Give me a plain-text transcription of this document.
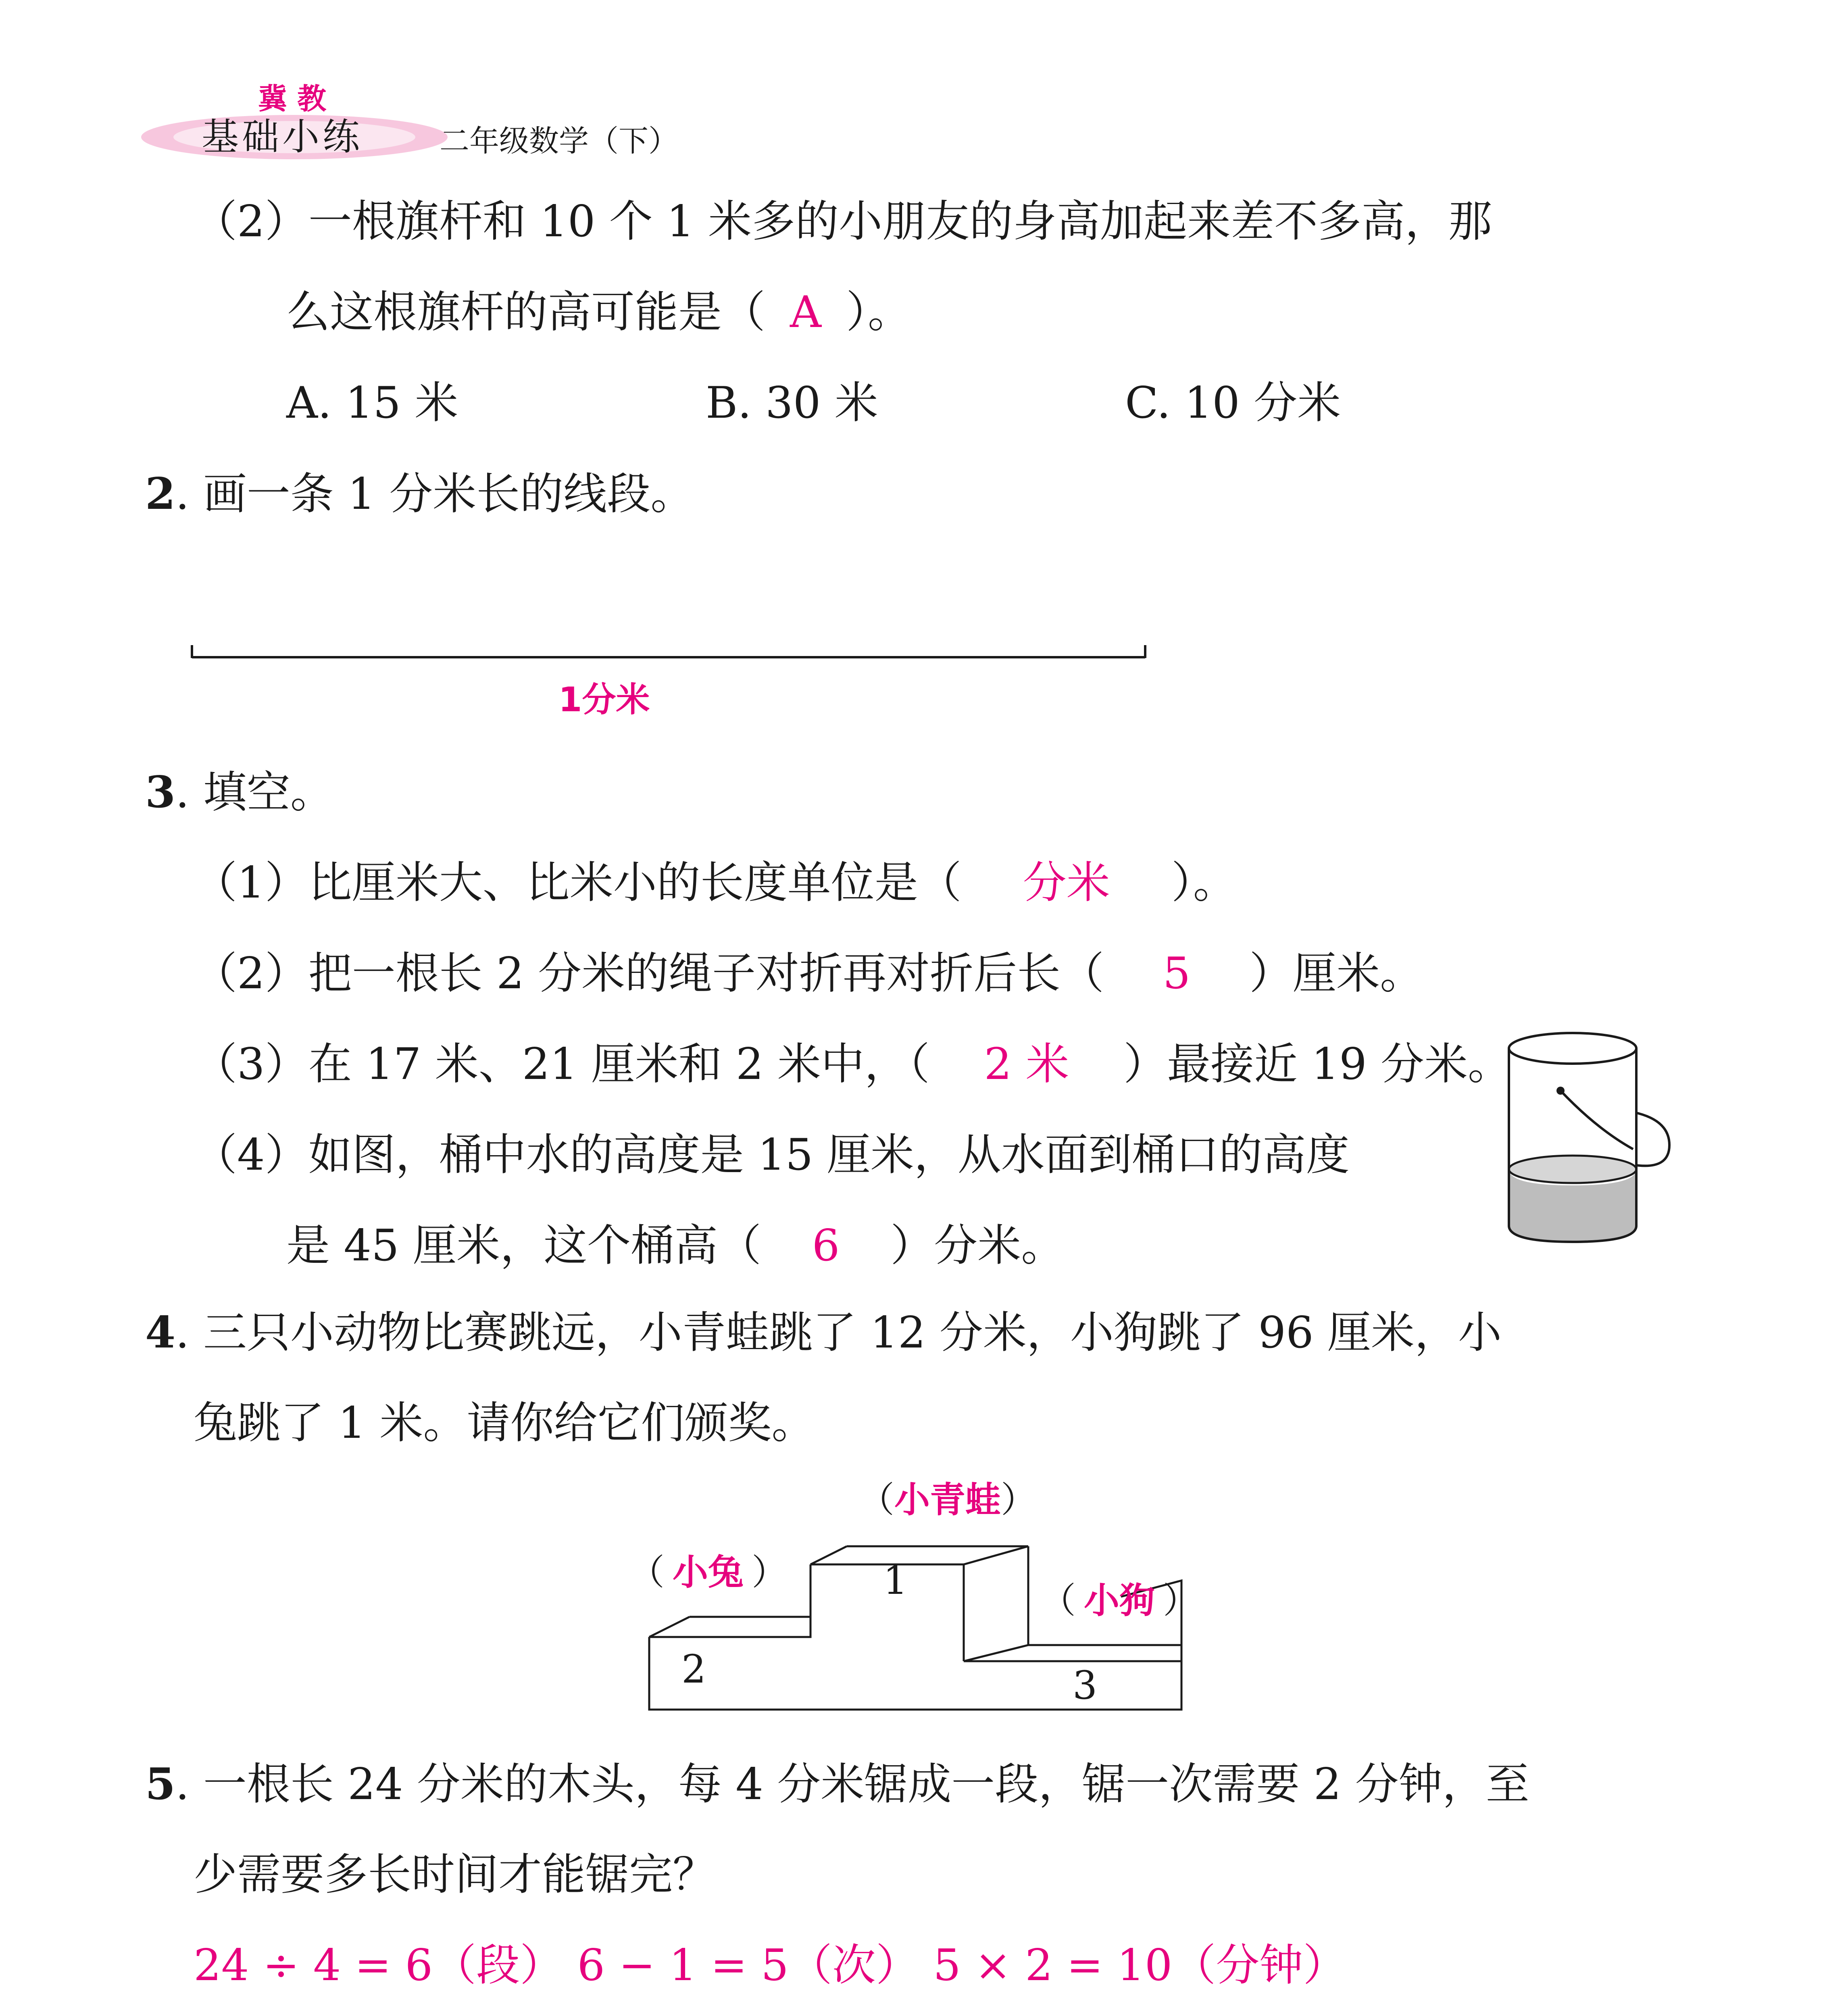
冀 教
基础小练	二年级数学（下）
（2）一根旗杆和 10 个 1 米多的小朋友的身高加起来差不多高，那
么这根旗杆的高可能是（ A ）。
A. 15 米	B. 30 米	C. 10 分米
2. 画一条 1 分米长的线段。
1分米
3. 填空。
（1）比厘米大、比米小的长度单位是（ 分米 ）。
（2）把一根长 2 分米的绳子对折再对折后长（ 5 ）厘米。
（3）在 17 米、21 厘米和 2 米中，（ 2 米 ）最接近 19 分米。
（4）如图，桶中水的高度是 15 厘米，从水面到桶口的高度
是 45 厘米，这个桶高（ 6 ）分米。
4. 三只小动物比赛跳远，小青蛙跳了 12 分米，小狗跳了 96 厘米，小
兔跳了 1 米。请你给它们颁奖。
1
2	3
（小青蛙）
（ 小兔 ）
（ 小狗 ）
5. 一根长 24 分米的木头，每 4 分米锯成一段，锯一次需要 2 分钟，至
少需要多长时间才能锯完？
24 ÷ 4 = 6（段） 6 − 1 = 5（次） 5 × 2 = 10（分钟）
